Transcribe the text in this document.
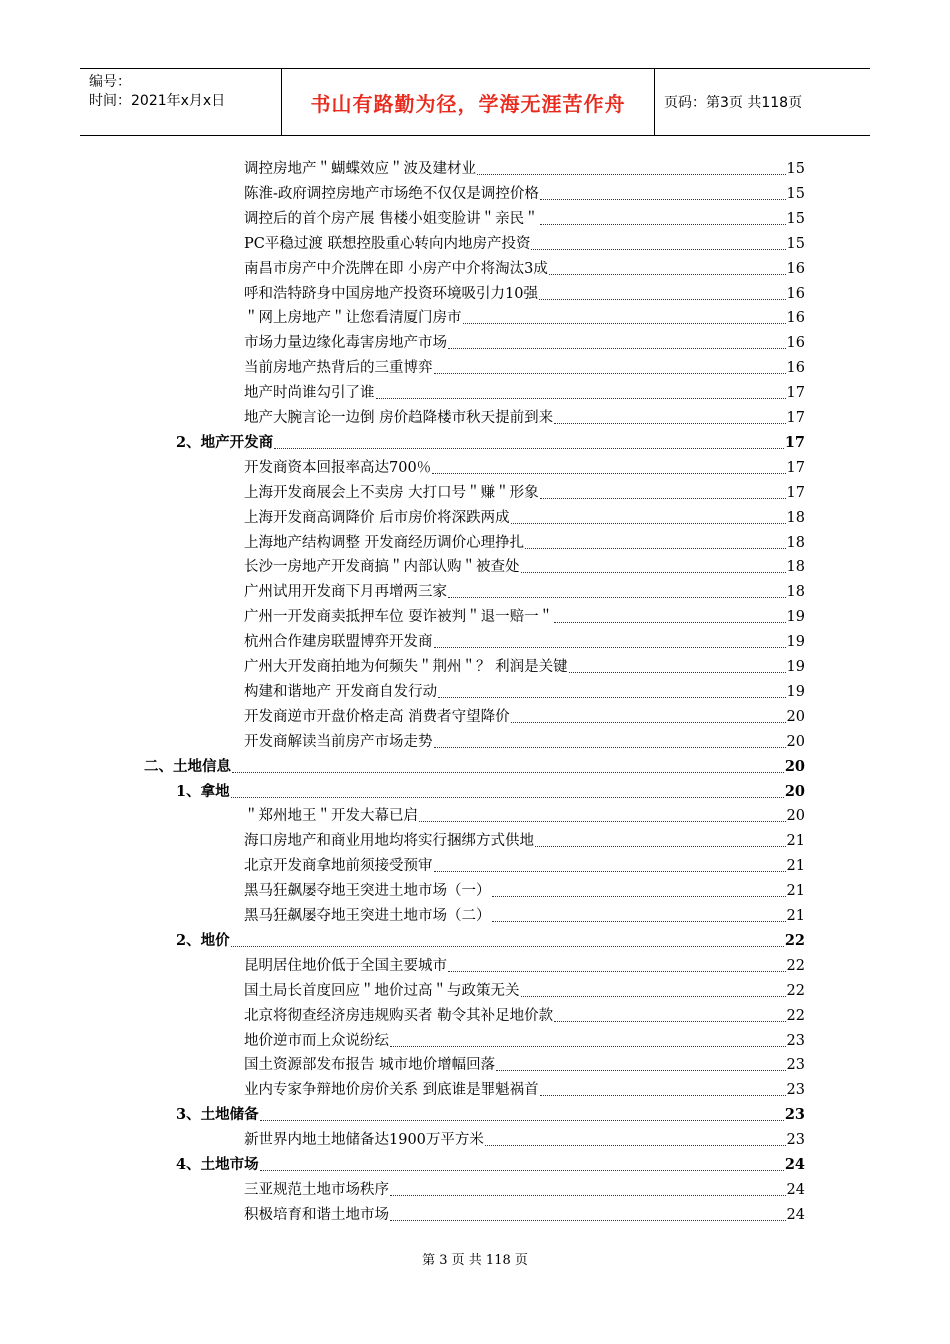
编号：
时间：2021年x月x日	书山有路勤为径，学海无涯苦作舟	页码：第3页 共118页
调控房地产＂蝴蝶效应＂波及建材业	15
陈淮-政府调控房地产市场绝不仅仅是调控价格	15
调控后的首个房产展 售楼小姐变脸讲＂亲民＂	15
PC平稳过渡 联想控股重心转向内地房产投资	15
南昌市房产中介洗牌在即 小房产中介将淘汰3成	16
呼和浩特跻身中国房地产投资环境吸引力10强	16
＂网上房地产＂让您看清厦门房市	16
市场力量边缘化毒害房地产市场	16
当前房地产热背后的三重博弈	16
地产时尚谁勾引了谁	17
地产大腕言论一边倒 房价趋降楼市秋天提前到来	17
2、地产开发商	17
开发商资本回报率高达700％	17
上海开发商展会上不卖房 大打口号＂赚＂形象	17
上海开发商高调降价 后市房价将深跌两成	18
上海地产结构调整 开发商经历调价心理挣扎	18
长沙一房地产开发商搞＂内部认购＂被查处	18
广州试用开发商下月再增两三家	18
广州一开发商卖抵押车位 耍诈被判＂退一赔一＂	19
杭州合作建房联盟博弈开发商	19
广州大开发商拍地为何频失＂荆州＂？ 利润是关键	19
构建和谐地产 开发商自发行动	19
开发商逆市开盘价格走高 消费者守望降价	20
开发商解读当前房产市场走势	20
二、土地信息	20
1、拿地	20
＂郑州地王＂开发大幕已启	20
海口房地产和商业用地均将实行捆绑方式供地	21
北京开发商拿地前须接受预审	21
黑马狂飙屡夺地王突进土地市场（一）	21
黑马狂飙屡夺地王突进土地市场（二）	21
2、地价	22
昆明居住地价低于全国主要城市	22
国土局长首度回应＂地价过高＂与政策无关	22
北京将彻查经济房违规购买者 勒令其补足地价款	22
地价逆市而上众说纷纭	23
国土资源部发布报告 城市地价增幅回落	23
业内专家争辩地价房价关系 到底谁是罪魁祸首	23
3、土地储备	23
新世界内地土地储备达1900万平方米	23
4、土地市场	24
三亚规范土地市场秩序	24
积极培育和谐土地市场	24
第 3 页 共 118 页
